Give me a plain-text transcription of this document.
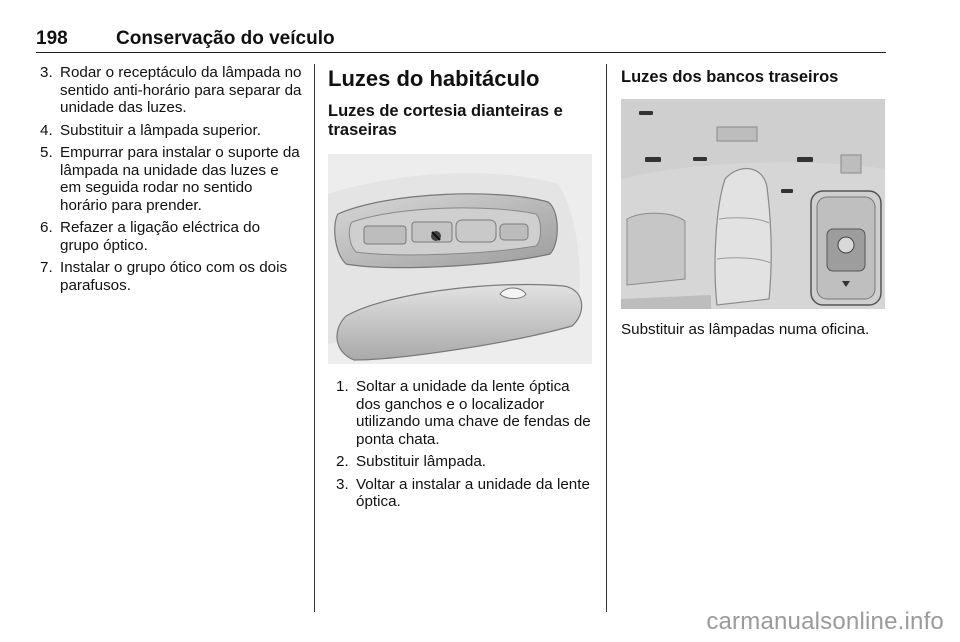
198	Conservação do veículo
3. Rodar o receptáculo da lâmpada no sentido anti-horário para separar da unidade das luzes.
4. Substituir a lâmpada superior.
5. Empurrar para instalar o suporte da lâmpada na unidade das luzes e em seguida rodar no sentido horário para prender.
6. Refazer a ligação eléctrica do grupo óptico.
7. Instalar o grupo ótico com os dois parafusos.
Luzes do habitáculo
Luzes de cortesia dianteiras e traseiras
1. Soltar a unidade da lente óptica dos ganchos e o localizador utilizando uma chave de fendas de ponta chata.
2. Substituir lâmpada.
3. Voltar a instalar a unidade da lente óptica.
Luzes dos bancos traseiros
Substituir as lâmpadas numa oficina.
carmanualsonline.info
